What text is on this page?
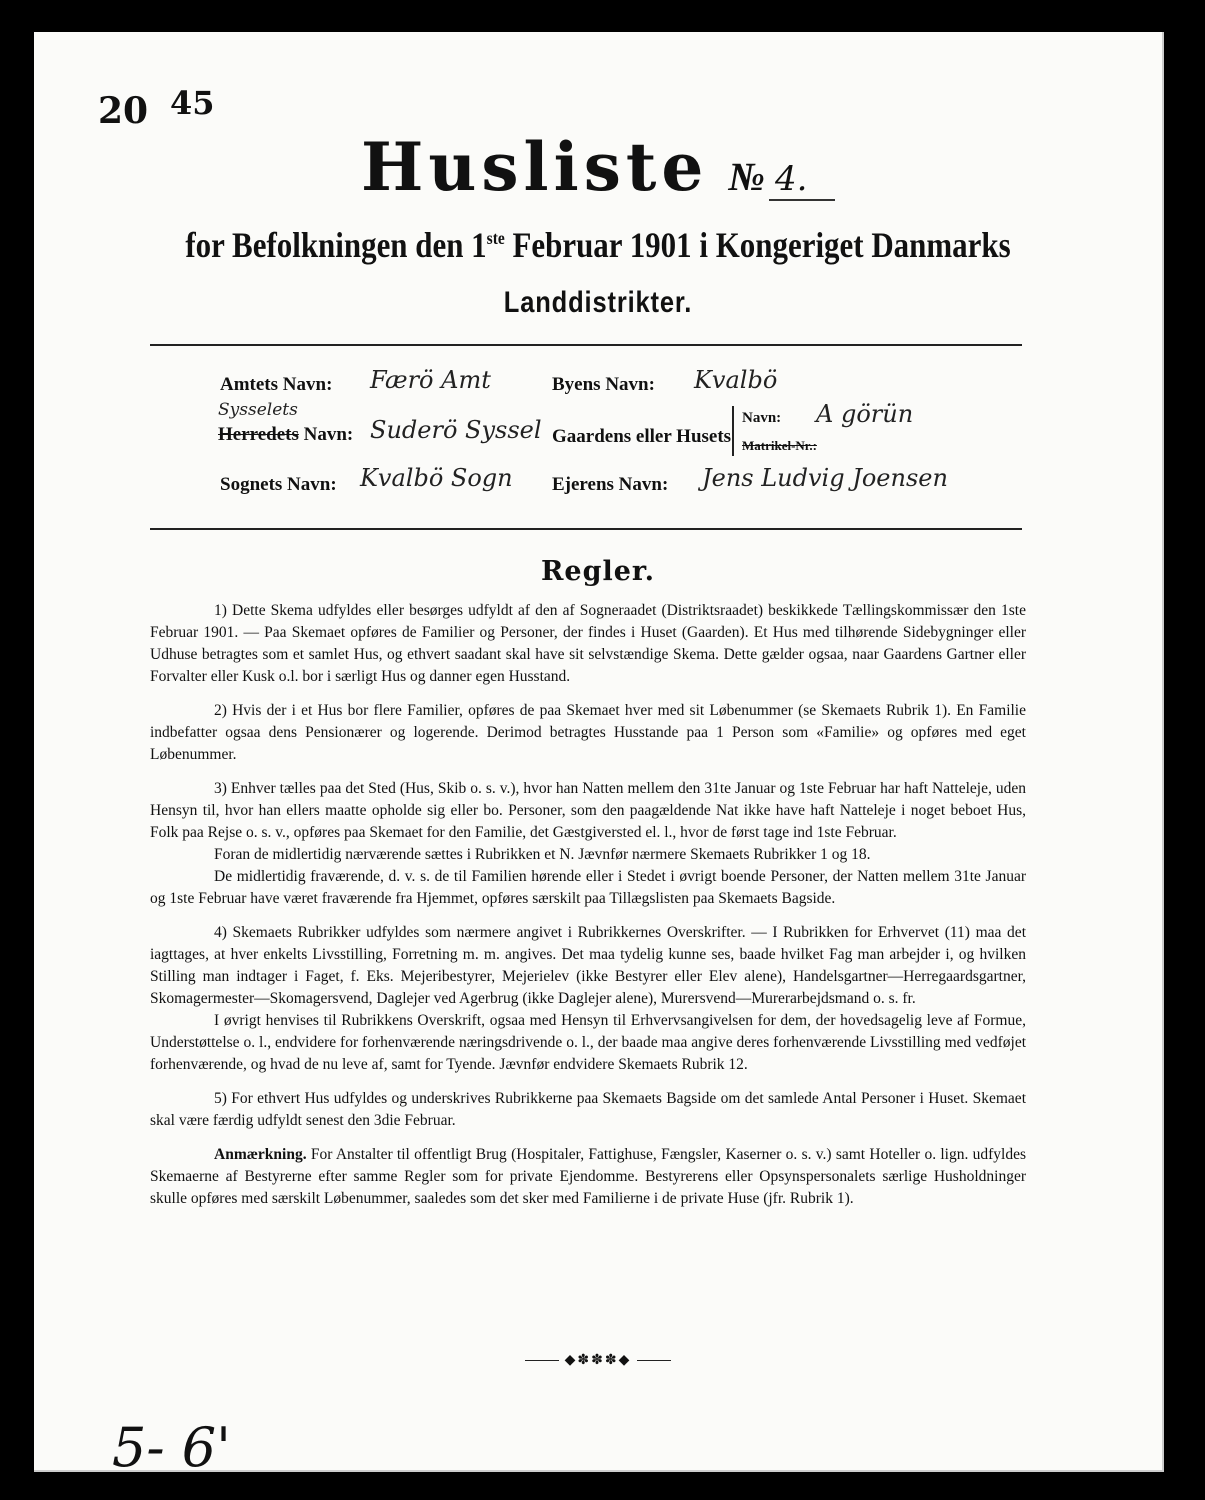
20 45
Husliste № 4.
for Befolkningen den 1ste Februar 1901 i Kongeriget Danmarks
Landdistrikter.
Amtets Navn: Færö Amt	Byens Navn: Kvalbö
Sysselets
Herredets Navn: Suderö Syssel Gaardens eller Husets
Navn: A görün
Matrikel-Nr.:
Sognets Navn: Kvalbö Sogn Ejerens Navn: Jens Ludvig Joensen
Regler.

1) Dette Skema udfyldes eller besørges udfyldt af den af Sogneraadet (Distriktsraadet) beskikkede Tællingskommissær den 1ste Februar 1901. — Paa Skemaet opføres de Familier og Personer, der findes i Huset (Gaarden). Et Hus med tilhørende Sidebygninger eller Udhuse betragtes som et samlet Hus, og ethvert saadant skal have sit selvstændige Skema. Dette gælder ogsaa, naar Gaardens Gartner eller Forvalter eller Kusk o.l. bor i særligt Hus og danner egen Husstand.

2) Hvis der i et Hus bor flere Familier, opføres de paa Skemaet hver med sit Løbenummer (se Skemaets Rubrik 1). En Familie indbefatter ogsaa dens Pensionærer og logerende. Derimod betragtes Husstande paa 1 Person som «Familie» og opføres med eget Løbenummer.

3) Enhver tælles paa det Sted (Hus, Skib o. s. v.), hvor han Natten mellem den 31te Januar og 1ste Februar har haft Natteleje, uden Hensyn til, hvor han ellers maatte opholde sig eller bo. Personer, som den paagældende Nat ikke have haft Natteleje i noget beboet Hus, Folk paa Rejse o. s. v., opføres paa Skemaet for den Familie, det Gæstgiversted el. l., hvor de først tage ind 1ste Februar.

Foran de midlertidig nærværende sættes i Rubrikken et N. Jævnfør nærmere Skemaets Rubrikker 1 og 18.

De midlertidig fraværende, d. v. s. de til Familien hørende eller i Stedet i øvrigt boende Personer, der Natten mellem 31te Januar og 1ste Februar have været fraværende fra Hjemmet, opføres særskilt paa Tillægslisten paa Skemaets Bagside.

4) Skemaets Rubrikker udfyldes som nærmere angivet i Rubrikkernes Overskrifter. — I Rubrikken for Erhvervet (11) maa det iagttages, at hver enkelts Livsstilling, Forretning m. m. angives. Det maa tydelig kunne ses, baade hvilket Fag man arbejder i, og hvilken Stilling man indtager i Faget, f. Eks. Mejeribestyrer, Mejerielev (ikke Bestyrer eller Elev alene), Handelsgartner—Herregaardsgartner, Skomagermester—Skomagersvend, Daglejer ved Agerbrug (ikke Daglejer alene), Murersvend—Murerarbejdsmand o. s. fr.

I øvrigt henvises til Rubrikkens Overskrift, ogsaa med Hensyn til Erhvervsangivelsen for dem, der hovedsagelig leve af Formue, Understøttelse o. l., endvidere for forhenværende næringsdrivende o. l., der baade maa angive deres forhenværende Livsstilling med vedføjet forhenværende, og hvad de nu leve af, samt for Tyende. Jævnfør endvidere Skemaets Rubrik 12.

5) For ethvert Hus udfyldes og underskrives Rubrikkerne paa Skemaets Bagside om det samlede Antal Personer i Huset. Skemaet skal være færdig udfyldt senest den 3die Februar.

Anmærkning. For Anstalter til offentligt Brug (Hospitaler, Fattighuse, Fængsler, Kaserner o. s. v.) samt Hoteller o. lign. udfyldes Skemaerne af Bestyrerne efter samme Regler som for private Ejendomme. Bestyrerens eller Opsynspersonalets særlige Husholdninger skulle opføres med særskilt Løbenummer, saaledes som det sker med Familierne i de private Huse (jfr. Rubrik 1).

◆✽✽✽◆
5- 6'
